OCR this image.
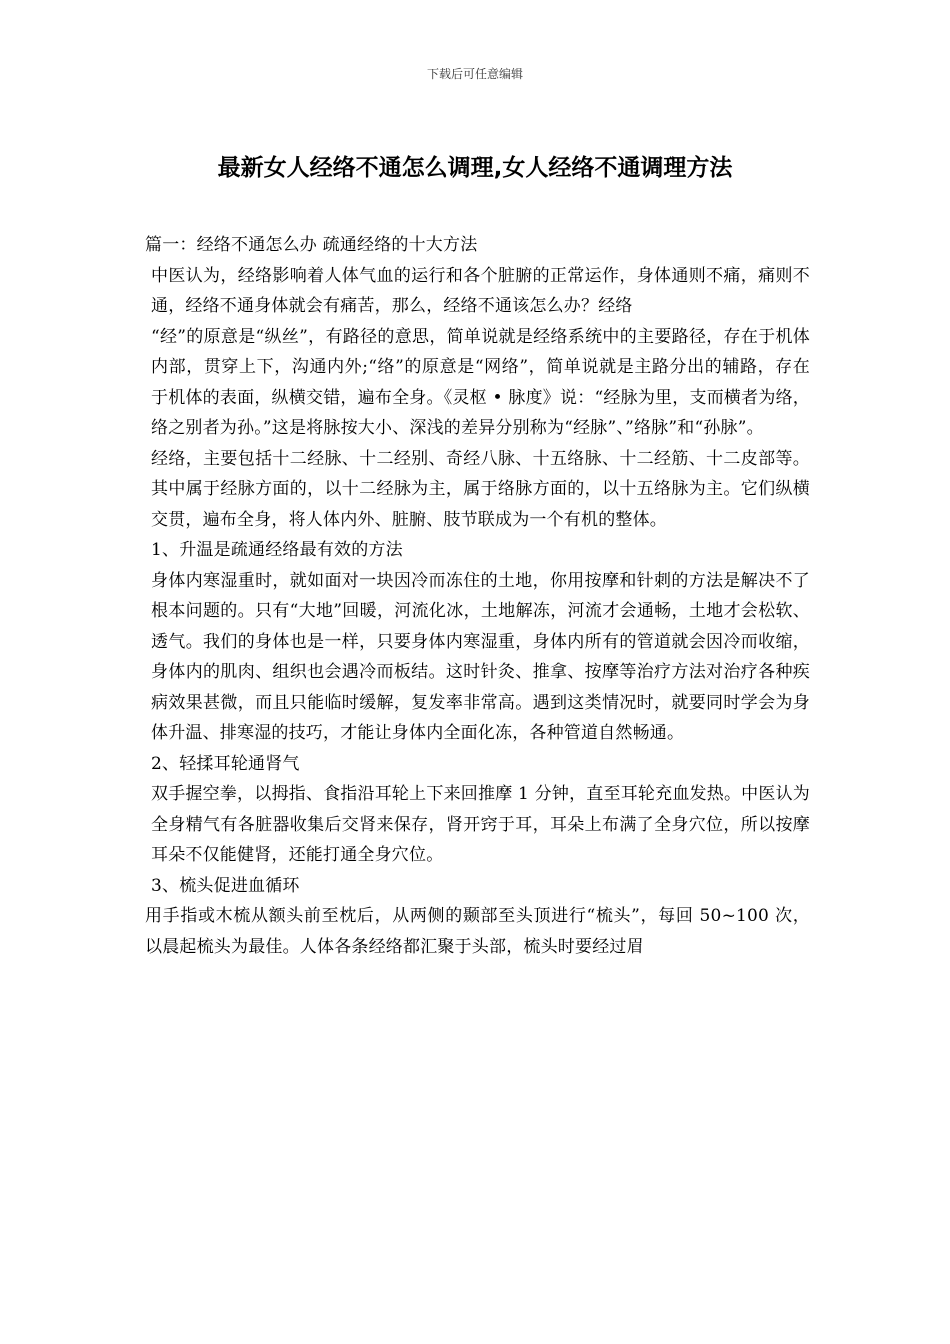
下载后可任意编辑
最新女人经络不通怎么调理,女人经络不通调理方法

篇一：经络不通怎么办 疏通经络的十大方法

中医认为，经络影响着人体气血的运行和各个脏腑的正常运作，身体通则不痛，痛则不通，经络不通身体就会有痛苦，那么，经络不通该怎么办？经络

“经”的原意是“纵丝”，有路径的意思，简单说就是经络系统中的主要路径，存在于机体内部，贯穿上下，沟通内外;“络”的原意是“网络”，简单说就是主路分出的辅路，存在于机体的表面，纵横交错，遍布全身。《灵枢 • 脉度》说：“经脉为里，支而横者为络，络之别者为孙。”这是将脉按大小、深浅的差异分别称为“经脉”、”络脉”和“孙脉”。

经络，主要包括十二经脉、十二经别、奇经八脉、十五络脉、十二经筋、十二皮部等。其中属于经脉方面的，以十二经脉为主，属于络脉方面的，以十五络脉为主。它们纵横交贯，遍布全身，将人体内外、脏腑、肢节联成为一个有机的整体。

1、升温是疏通经络最有效的方法

身体内寒湿重时，就如面对一块因冷而冻住的土地，你用按摩和针刺的方法是解决不了根本问题的。只有“大地”回暖，河流化冰，土地解冻，河流才会通畅，土地才会松软、透气。我们的身体也是一样，只要身体内寒湿重，身体内所有的管道就会因冷而收缩，身体内的肌肉、组织也会遇冷而板结。这时针灸、推拿、按摩等治疗方法对治疗各种疾病效果甚微，而且只能临时缓解，复发率非常高。遇到这类情况时，就要同时学会为身体升温、排寒湿的技巧，才能让身体内全面化冻，各种管道自然畅通。

2、轻揉耳轮通肾气

双手握空拳，以拇指、食指沿耳轮上下来回推摩 1 分钟，直至耳轮充血发热。中医认为全身精气有各脏器收集后交肾来保存，肾开窍于耳，耳朵上布满了全身穴位，所以按摩耳朵不仅能健肾，还能打通全身穴位。

3、梳头促进血循环

用手指或木梳从额头前至枕后，从两侧的颞部至头顶进行“梳头”，每回 50~100 次，以晨起梳头为最佳。人体各条经络都汇聚于头部，梳头时要经过眉
